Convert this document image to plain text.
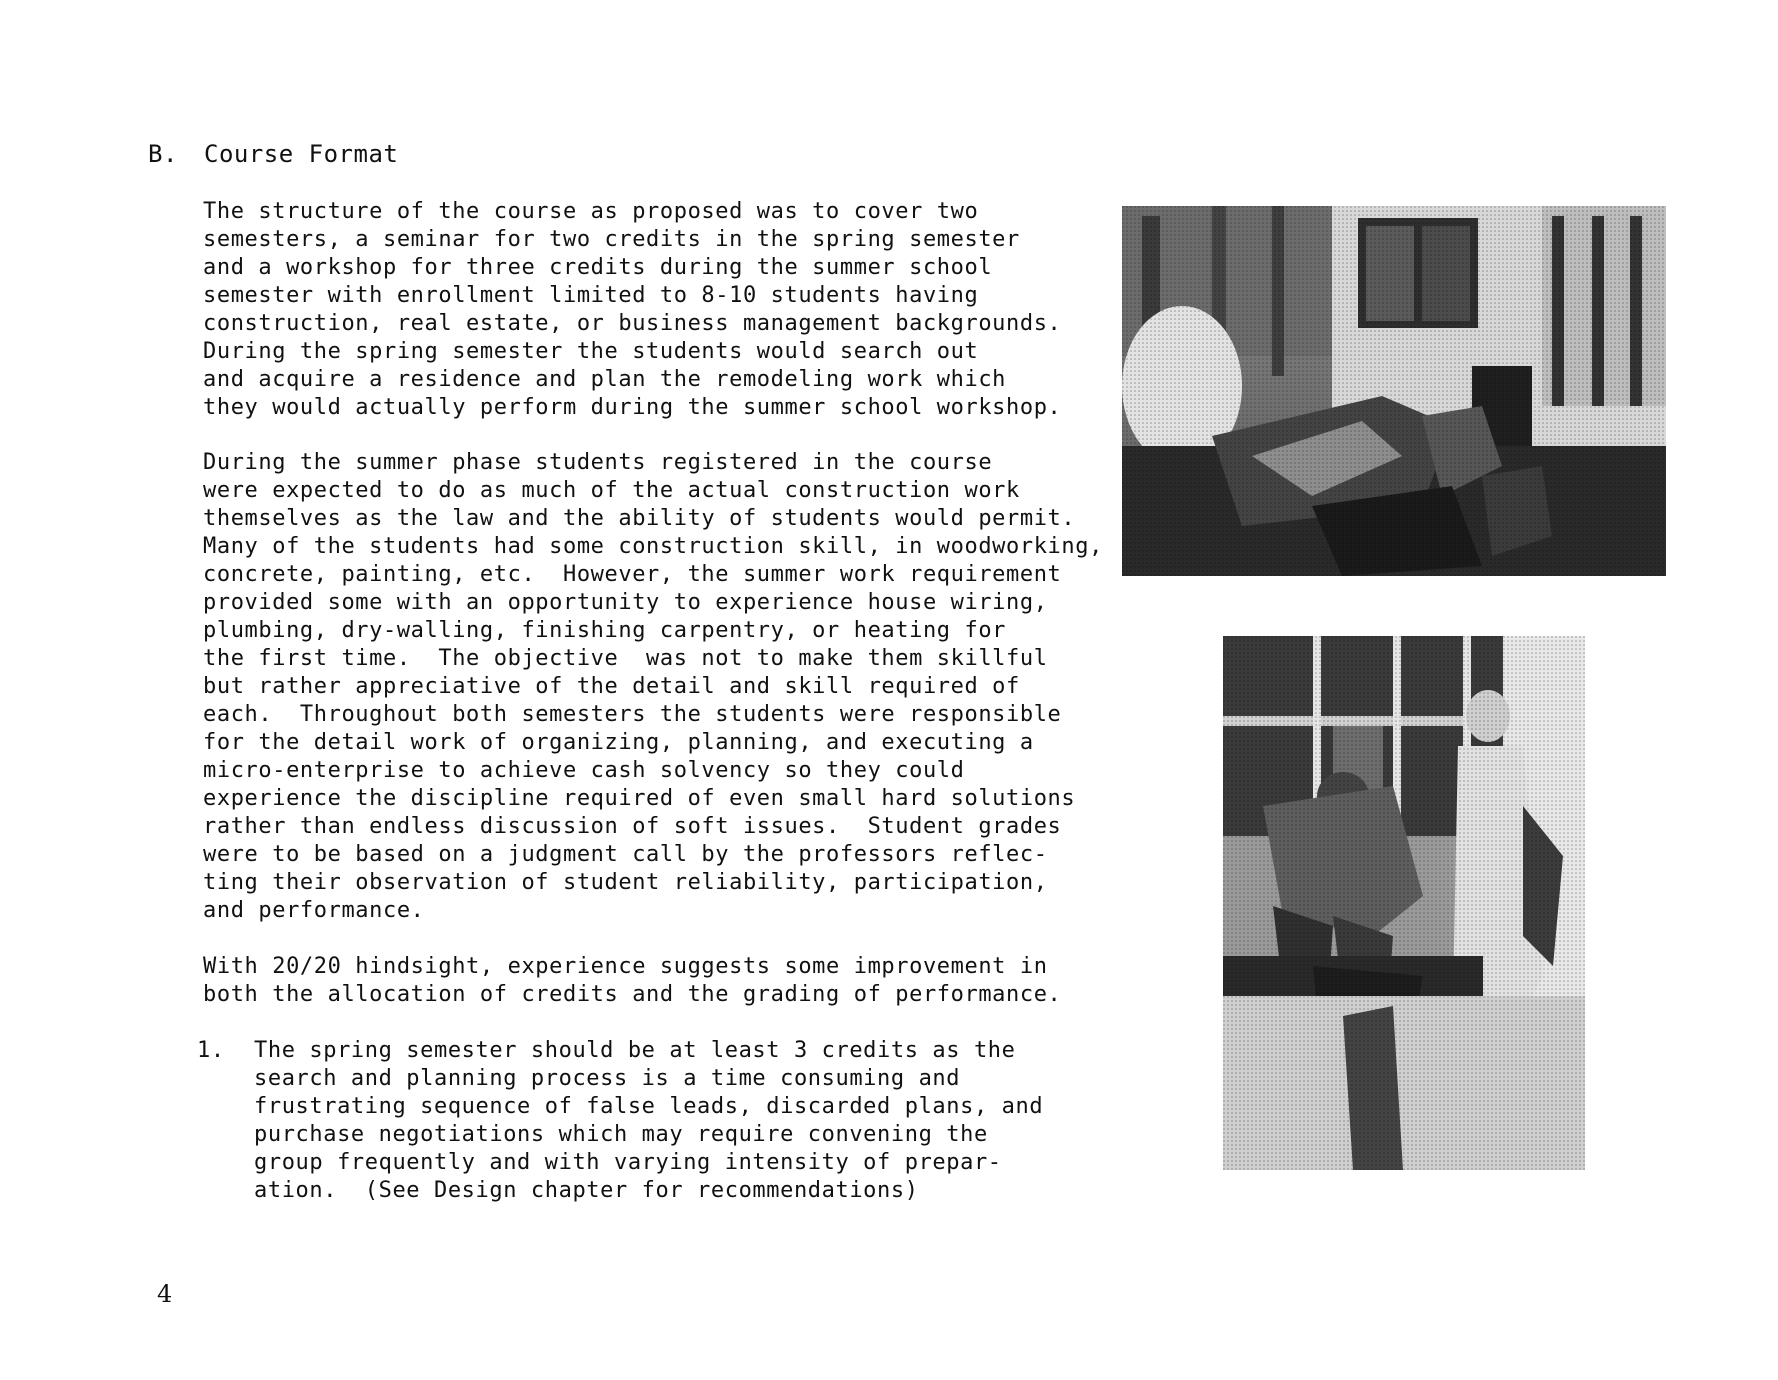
B. Course Format

The structure of the course as proposed was to cover two
semesters, a seminar for two credits in the spring semester
and a workshop for three credits during the summer school
semester with enrollment limited to 8-10 students having
construction, real estate, or business management backgrounds.
During the spring semester the students would search out
and acquire a residence and plan the remodeling work which
they would actually perform during the summer school workshop.

During the summer phase students registered in the course
were expected to do as much of the actual construction work
themselves as the law and the ability of students would permit.
Many of the students had some construction skill, in woodworking,
concrete, painting, etc.  However, the summer work requirement
provided some with an opportunity to experience house wiring,
plumbing, dry-walling, finishing carpentry, or heating for
the first time.  The objective  was not to make them skillful
but rather appreciative of the detail and skill required of
each.  Throughout both semesters the students were responsible
for the detail work of organizing, planning, and executing a
micro-enterprise to achieve cash solvency so they could
experience the discipline required of even small hard solutions
rather than endless discussion of soft issues.  Student grades
were to be based on a judgment call by the professors reflec-
ting their observation of student reliability, participation,
and performance.

With 20/20 hindsight, experience suggests some improvement in
both the allocation of credits and the grading of performance.

1. The spring semester should be at least 3 credits as the
search and planning process is a time consuming and
frustrating sequence of false leads, discarded plans, and
purchase negotiations which may require convening the
group frequently and with varying intensity of prepar-
ation.  (See Design chapter for recommendations)
4
